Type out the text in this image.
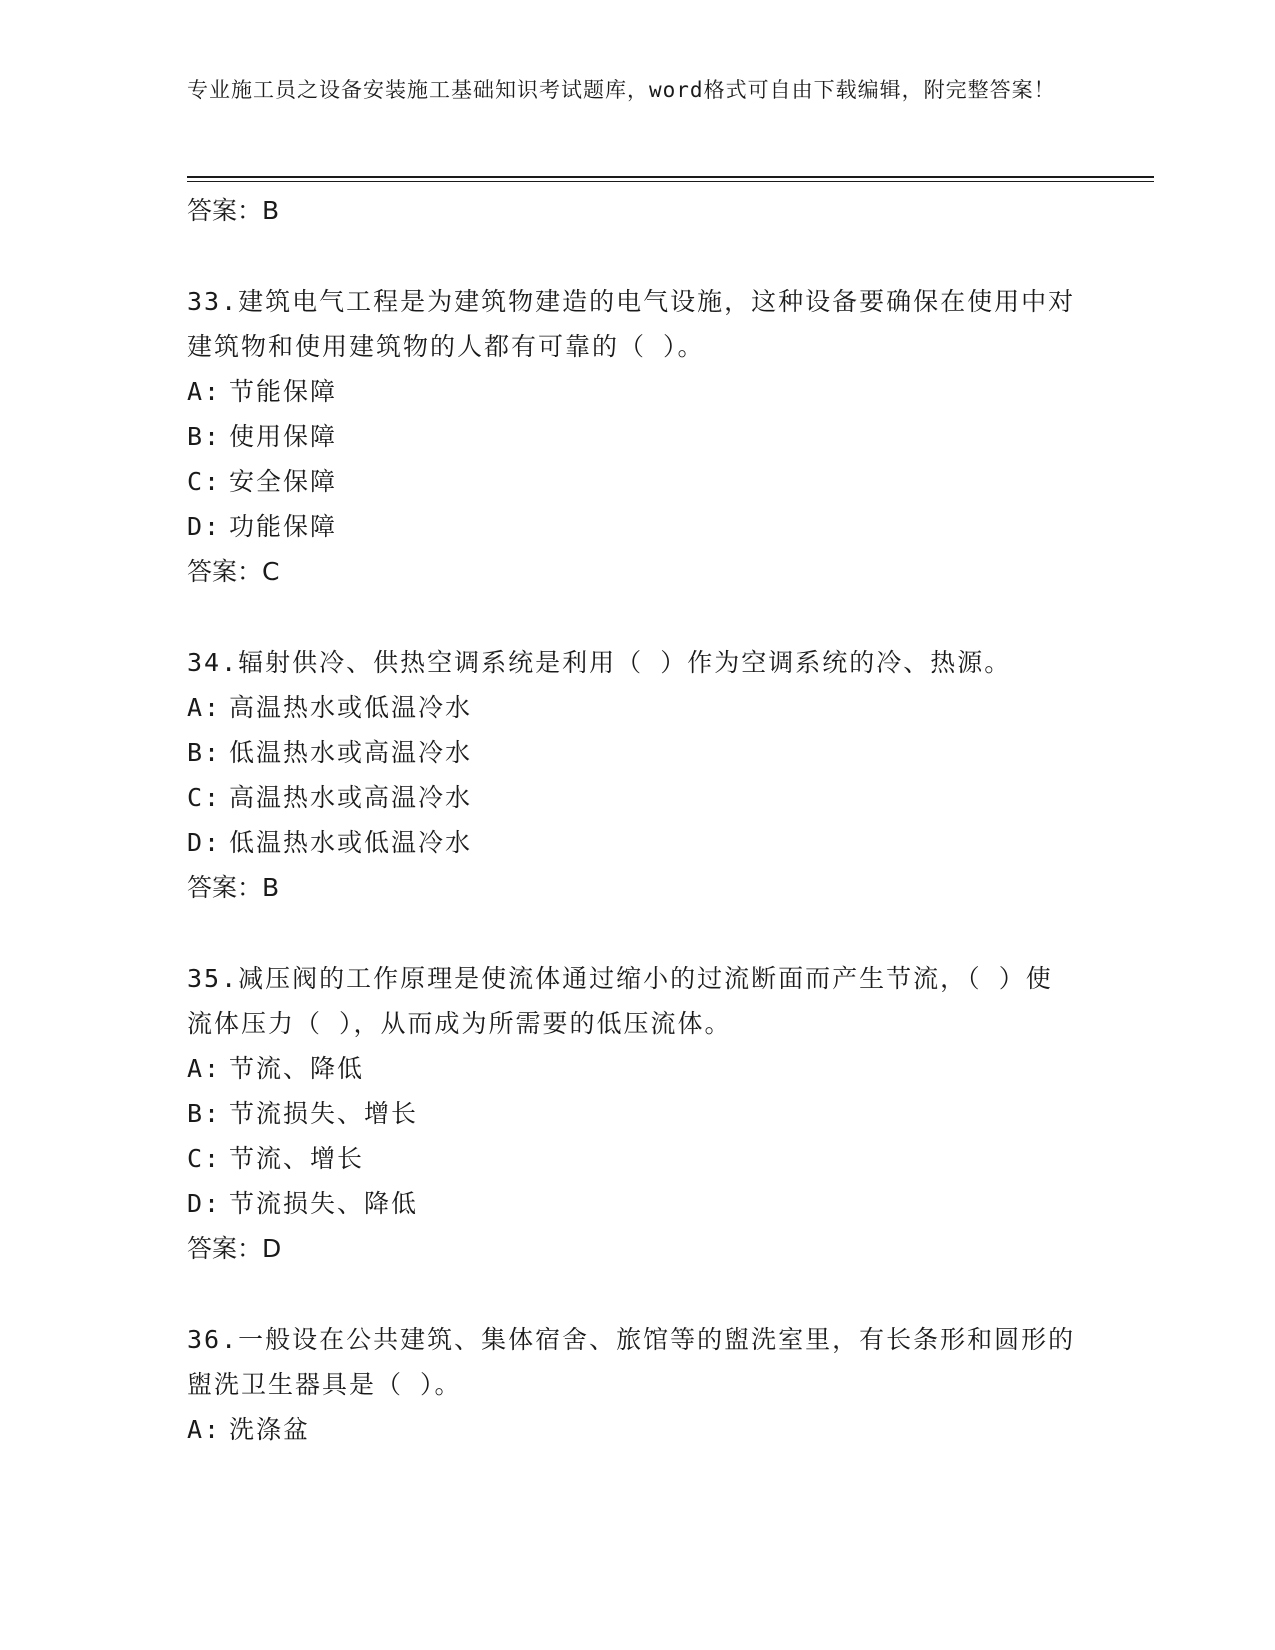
专业施工员之设备安装施工基础知识考试题库，word格式可自由下载编辑，附完整答案！
答案：B
33.建筑电气工程是为建筑物建造的电气设施，这种设备要确保在使用中对建筑物和使用建筑物的人都有可靠的（ ）。
A: 节能保障
B: 使用保障
C: 安全保障
D: 功能保障
答案：C
34.辐射供冷、供热空调系统是利用（ ）作为空调系统的冷、热源。
A: 高温热水或低温冷水
B: 低温热水或高温冷水
C: 高温热水或高温冷水
D: 低温热水或低温冷水
答案：B
35.减压阀的工作原理是使流体通过缩小的过流断面而产生节流，（ ）使流体压力（ ），从而成为所需要的低压流体。
A: 节流、降低
B: 节流损失、增长
C: 节流、增长
D: 节流损失、降低
答案：D
36.一般设在公共建筑、集体宿舍、旅馆等的盥洗室里，有长条形和圆形的盥洗卫生器具是（ ）。
A: 洗涤盆
